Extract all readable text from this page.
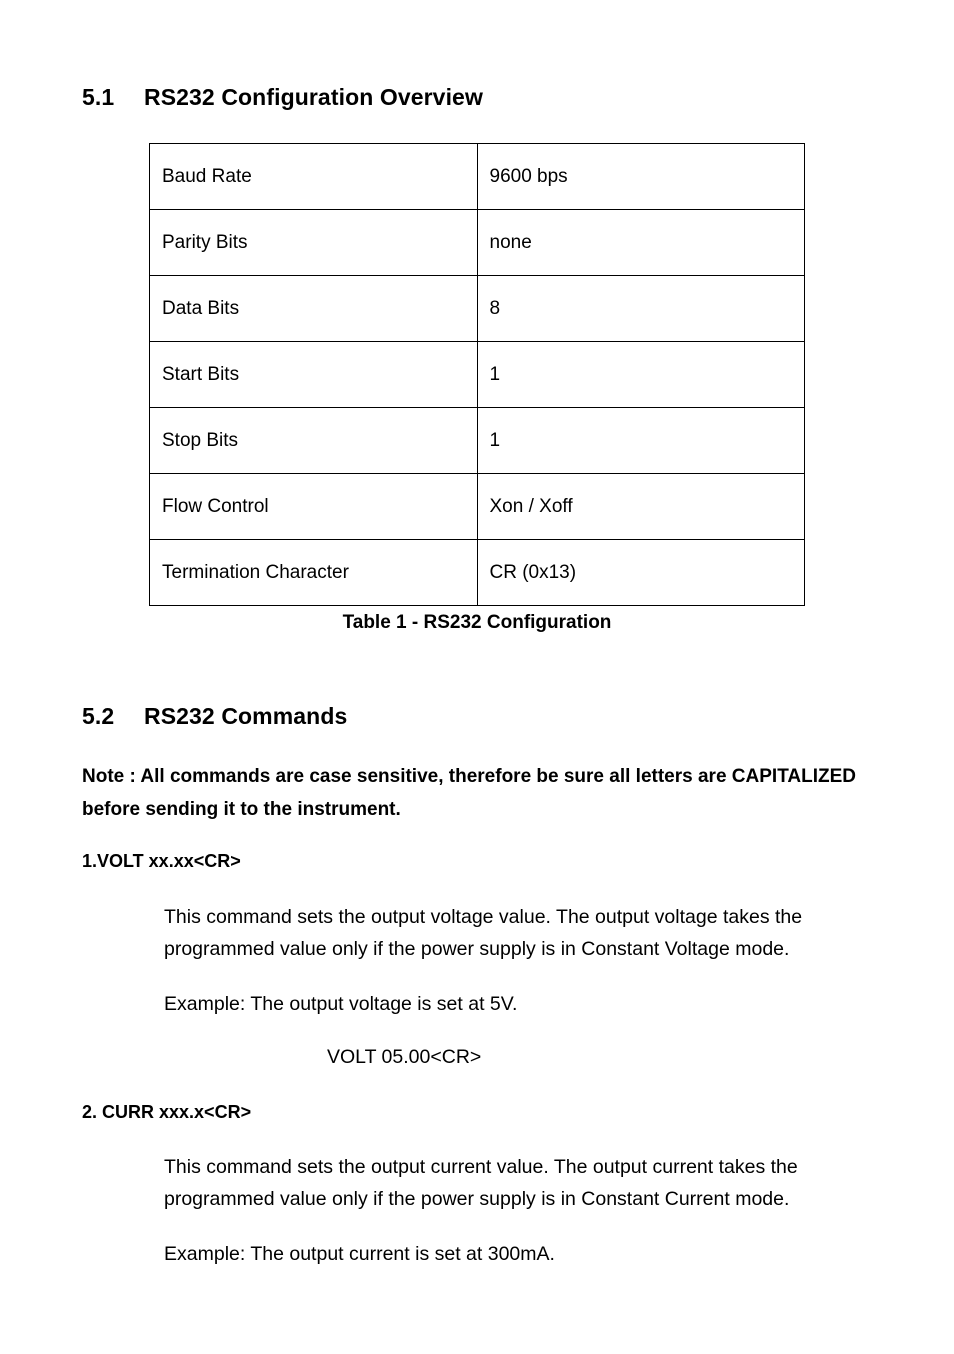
5.1 RS232 Configuration Overview
Baud Rate	9600 bps
Parity Bits	none
Data Bits	8
Start Bits	1
Stop Bits	1
Flow Control	Xon / Xoff
Termination Character	CR (0x13)
Table 1 - RS232 Configuration
5.2 RS232 Commands
Note : All commands are case sensitive, therefore be sure all letters are CAPITALIZED before sending it to the instrument.
1.VOLT xx.xx<CR>
This command sets the output voltage value. The output voltage takes the programmed value only if the power supply is in Constant Voltage mode.
Example: The output voltage is set at 5V.
VOLT 05.00<CR>
2. CURR xxx.x<CR>
This command sets the output current value. The output current takes the programmed value only if the power supply is in Constant Current mode.
Example: The output current is set at 300mA.
